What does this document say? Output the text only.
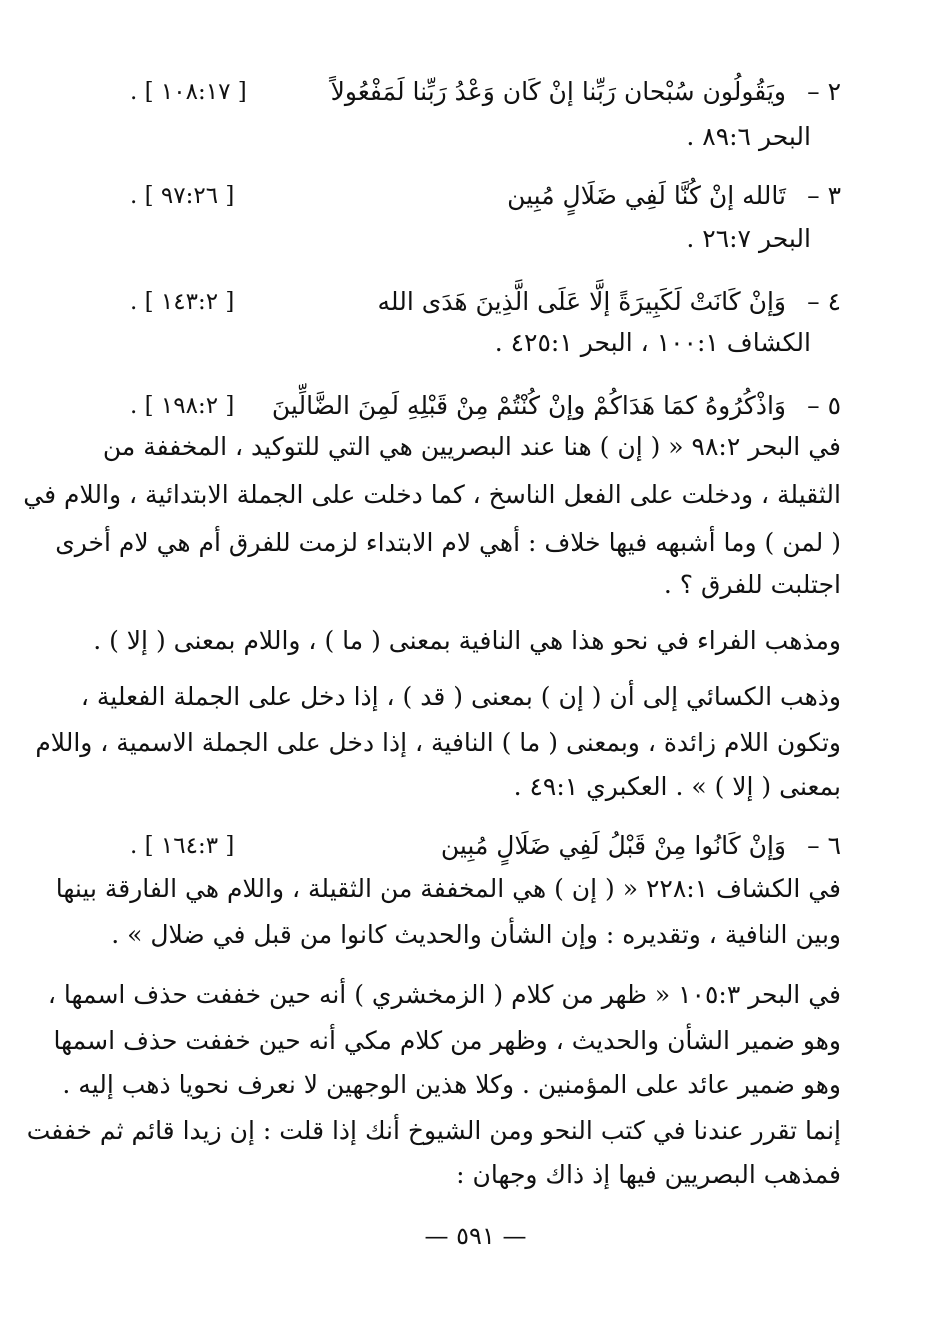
٢ –
ويَقُولُون سُبْحان رَبِّنا إنْ كَان وَعْدُ رَبِّنا لَمَفْعُولاً
[ ١٠٨:١٧ ] .
البحر ٨٩:٦ .
٣ –
تَالله إنْ كُنَّا لَفِي ضَلَالٍ مُبِين
[ ٩٧:٢٦ ] .
البحر ٢٦:٧ .
٤ –
وَإنْ كَانَتْ لَكَبِيرَةً إلَّا عَلَى الَّذِينَ هَدَى الله
[ ١٤٣:٢ ] .
الكشاف ١٠٠:١ ، البحر ٤٢٥:١ .
٥ –
وَاذْكُرُوهُ كمَا هَدَاكُمْ وإنْ كُنْتُمْ مِنْ قَبْلِهِ لَمِنَ الضَّالِّينَ
[ ١٩٨:٢ ] .
في البحر ٩٨:٢ « ( إن ) هنا عند البصريين هي التي للتوكيد ، المخففة من
الثقيلة ، ودخلت على الفعل الناسخ ، كما دخلت على الجملة الابتدائية ، واللام في
( لمن ) وما أشبهه فيها خلاف : أهي لام الابتداء لزمت للفرق أم هي لام أخرى
اجتلبت للفرق ؟ .
ومذهب الفراء في نحو هذا هي النافية بمعنى ( ما ) ، واللام بمعنى ( إلا ) .
وذهب الكسائي إلى أن ( إن ) بمعنى ( قد ) ، إذا دخل على الجملة الفعلية ،
وتكون اللام زائدة ، وبمعنى ( ما ) النافية ، إذا دخل على الجملة الاسمية ، واللام
بمعنى ( إلا ) » . العكبري ٤٩:١ .
٦ –
وَإنْ كَانُوا مِنْ قَبْلُ لَفِي ضَلَالٍ مُبِين
[ ١٦٤:٣ ] .
في الكشاف ٢٢٨:١ « ( إن ) هي المخففة من الثقيلة ، واللام هي الفارقة بينها
وبين النافية ، وتقديره : وإن الشأن والحديث كانوا من قبل في ضلال » .
في البحر ١٠٥:٣ « ظهر من كلام ( الزمخشري ) أنه حين خففت حذف اسمها ،
وهو ضمير الشأن والحديث ، وظهر من كلام مكي أنه حين خففت حذف اسمها
وهو ضمير عائد على المؤمنين . وكلا هذين الوجهين لا نعرف نحويا ذهب إليه .
إنما تقرر عندنا في كتب النحو ومن الشيوخ أنك إذا قلت : إن زيدا قائم ثم خففت
فمذهب البصريين فيها إذ ذاك وجهان :
— ٥٩١ —
